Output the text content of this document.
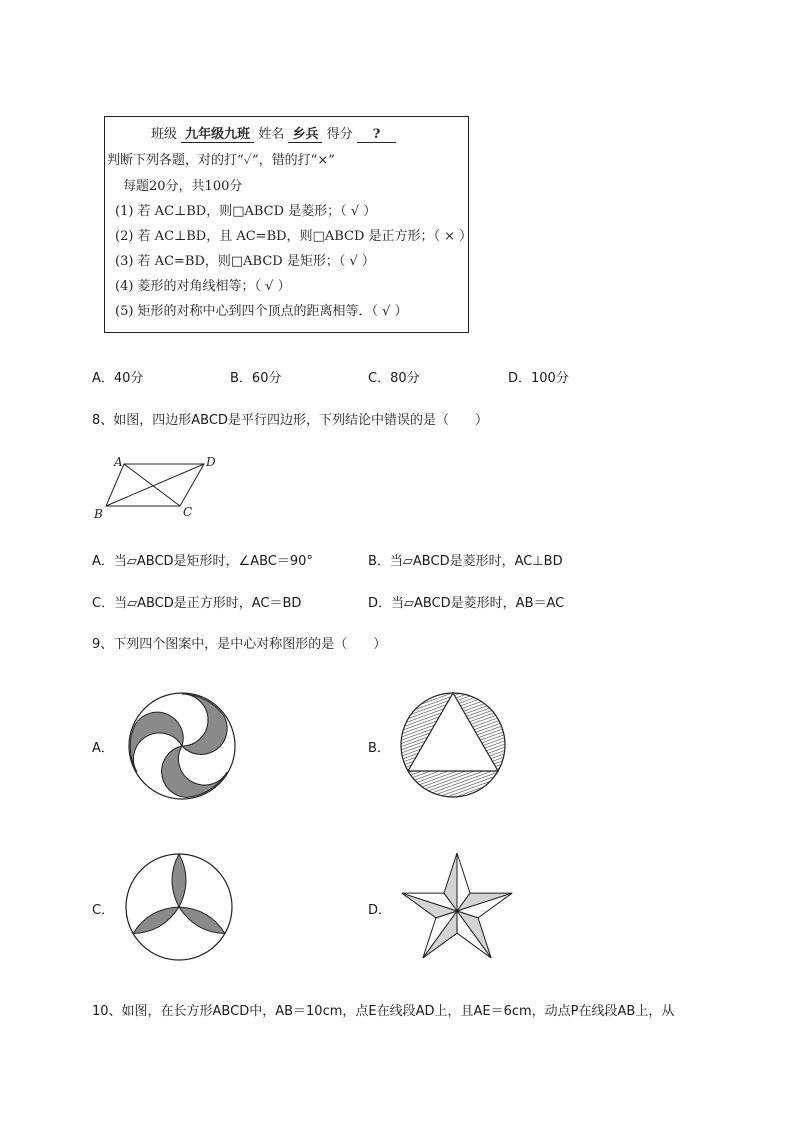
班级 九年级九班 姓名 乡兵 得分 ?
判断下列各题，对的打“✓”，错的打“×”
每题20分，共100分
(1) 若 AC⊥BD，则□ABCD 是菱形；（ √ ）
(2) 若 AC⊥BD，且 AC=BD，则□ABCD 是正方形；（ × ）
(3) 若 AC=BD，则□ABCD 是矩形；（ √ ）
(4) 菱形的对角线相等；（ √ ）
(5) 矩形的对称中心到四个顶点的距离相等．（ √ ）
A．40分	B．60分	C．80分	D．100分
8、如图，四边形ABCD是平行四边形，下列结论中错误的是（　　）
A	D
B	C
A．当▱ABCD是矩形时，∠ABC＝90°	B．当▱ABCD是菱形时，AC⊥BD
C．当▱ABCD是正方形时，AC＝BD	D．当▱ABCD是菱形时，AB＝AC
9、下列四个图案中，是中心对称图形的是（　　）
A．	B．
C．	D．
10、如图，在长方形ABCD中，AB＝10cm，点E在线段AD上，且AE＝6cm，动点P在线段AB上，从
